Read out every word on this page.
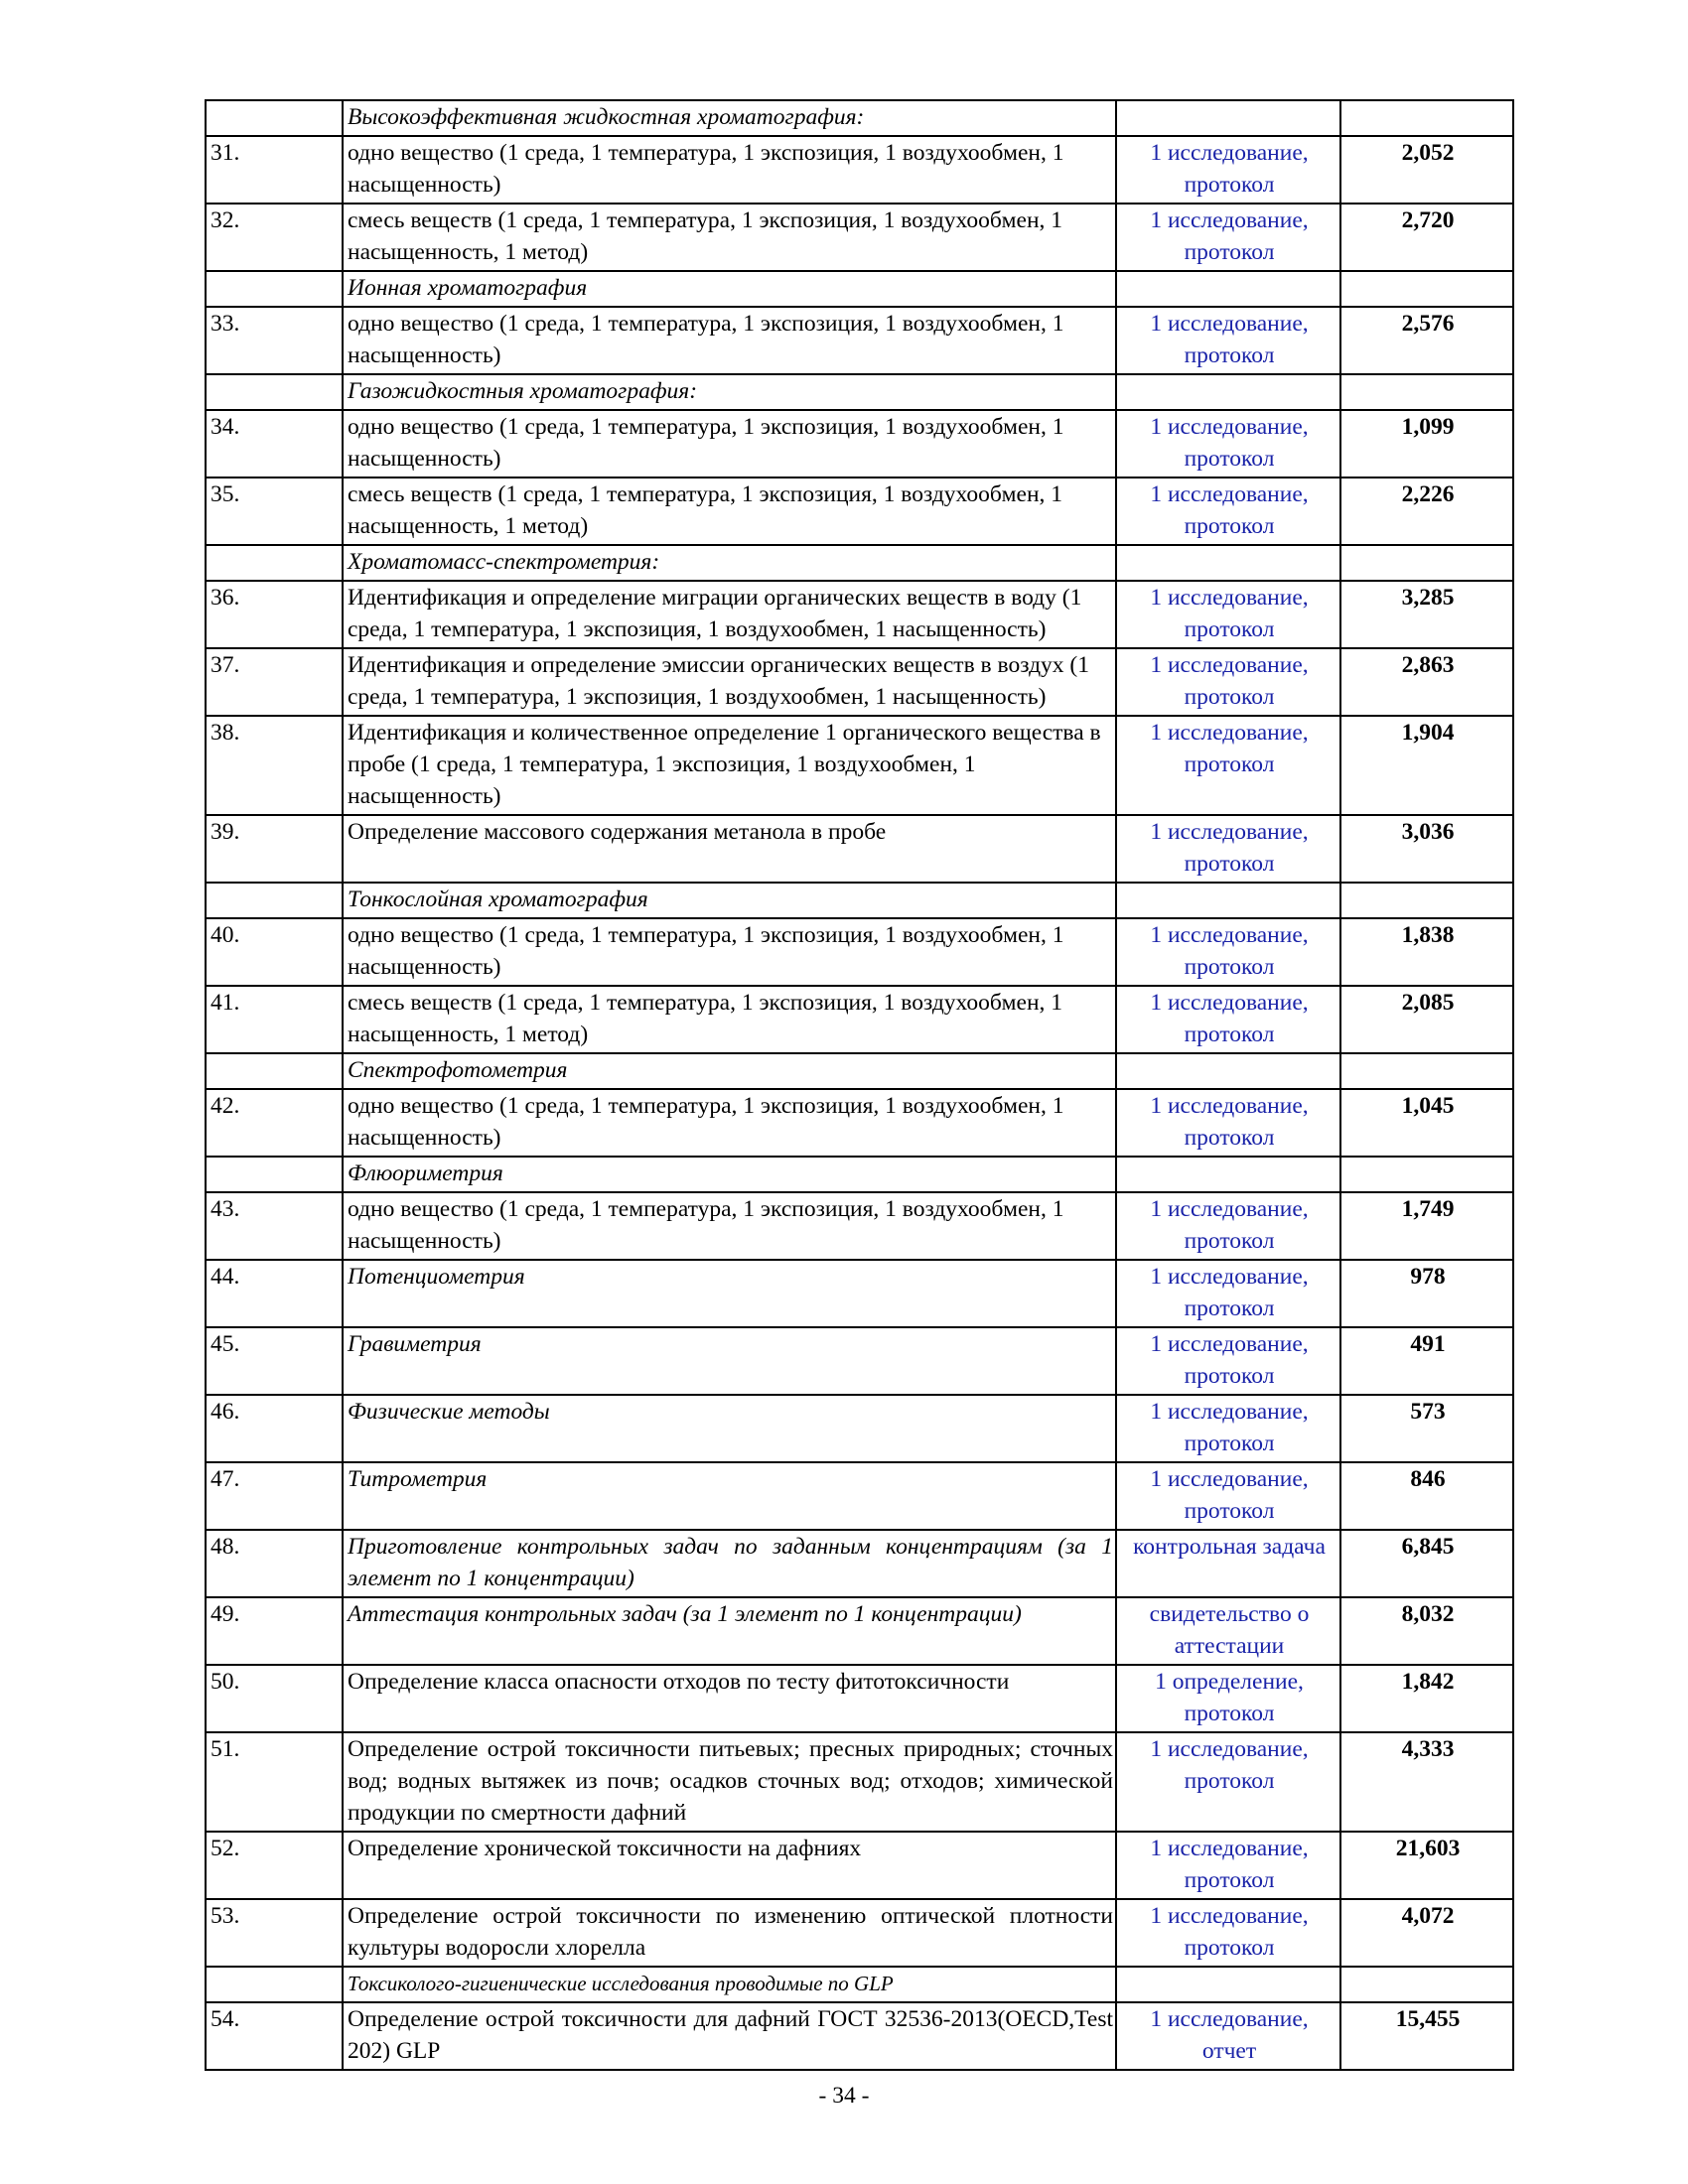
	Высокоэффективная жидкостная хроматография:		
31.	одно вещество (1 среда, 1 температура, 1 экспозиция, 1 воздухообмен, 1 насыщенность)	1 исследование, протокол	2,052
32.	смесь веществ (1 среда, 1 температура, 1 экспозиция, 1 воздухообмен, 1 насыщенность, 1 метод)	1 исследование, протокол	2,720
	Ионная хроматография		
33.	одно вещество (1 среда, 1 температура, 1 экспозиция, 1 воздухообмен, 1 насыщенность)	1 исследование, протокол	2,576
	Газожидкостныя хроматография:		
34.	одно вещество (1 среда, 1 температура, 1 экспозиция, 1 воздухообмен, 1 насыщенность)	1 исследование, протокол	1,099
35.	смесь веществ (1 среда, 1 температура, 1 экспозиция, 1 воздухообмен, 1 насыщенность, 1 метод)	1 исследование, протокол	2,226
	Хроматомасс-спектрометрия:		
36.	Идентификация и определение миграции органических веществ в воду (1 среда, 1 температура, 1 экспозиция, 1 воздухообмен, 1 насыщенность)	1 исследование, протокол	3,285
37.	Идентификация и определение эмиссии органических веществ в воздух (1 среда, 1 температура, 1 экспозиция, 1 воздухообмен, 1 насыщенность)	1 исследование, протокол	2,863
38.	Идентификация и количественное определение 1 органического вещества в пробе (1 среда, 1 температура, 1 экспозиция, 1 воздухообмен, 1 насыщенность)	1 исследование, протокол	1,904
39.	Определение массового содержания метанола в пробе	1 исследование, протокол	3,036
	Тонкослойная хроматография		
40.	одно вещество (1 среда, 1 температура, 1 экспозиция, 1 воздухообмен, 1 насыщенность)	1 исследование, протокол	1,838
41.	смесь веществ (1 среда, 1 температура, 1 экспозиция, 1 воздухообмен, 1 насыщенность, 1 метод)	1 исследование, протокол	2,085
	Спектрофотометрия		
42.	одно вещество (1 среда, 1 температура, 1 экспозиция, 1 воздухообмен, 1 насыщенность)	1 исследование, протокол	1,045
	Флюориметрия		
43.	одно вещество (1 среда, 1 температура, 1 экспозиция, 1 воздухообмен, 1 насыщенность)	1 исследование, протокол	1,749
44.	Потенциометрия	1 исследование, протокол	978
45.	Гравиметрия	1 исследование, протокол	491
46.	Физические методы	1 исследование, протокол	573
47.	Титрометрия	1 исследование, протокол	846
48.	Приготовление контрольных задач по заданным концентрациям (за 1 элемент по 1 концентрации)	контрольная задача	6,845
49.	Аттестация контрольных задач (за 1 элемент по 1 концентрации)	свидетельство о аттестации	8,032
50.	Определение класса опасности отходов по тесту фитотоксичности	1 определение, протокол	1,842
51.	Определение острой токсичности питьевых; пресных природных; сточных вод; водных вытяжек из почв; осадков сточных вод; отходов; химической продукции по смертности дафний	1 исследование, протокол	4,333
52.	Определение хронической токсичности на дафниях	1 исследование, протокол	21,603
53.	Определение острой токсичности по изменению оптической плотности культуры водоросли хлорелла	1 исследование, протокол	4,072
	Токсиколого-гигиенические исследования проводимые по GLP		
54.	Определение острой токсичности для дафний ГОСТ 32536-2013(OECD,Test 202) GLP	1 исследование, отчет	15,455
- 34 -
